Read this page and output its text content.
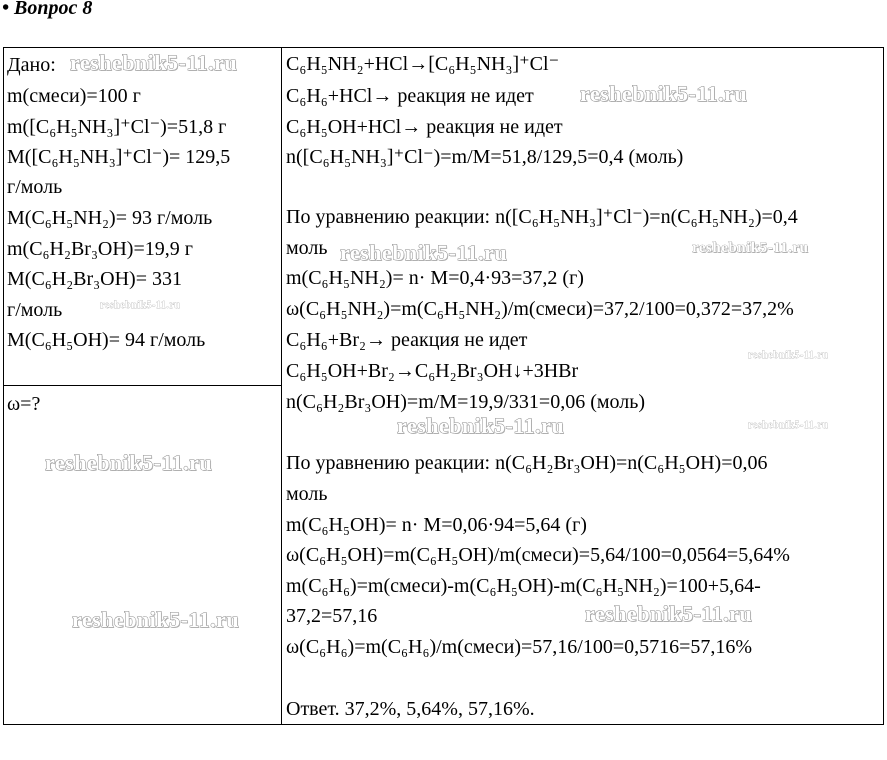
• Вопрос 8
Дано:
m(смеси)=100 г
m([C₆H₅NH₃]⁺Cl⁻)=51,8 г
M([C₆H₅NH₃]⁺Cl⁻)= 129,5
г/моль
M(C₆H₅NH₂)= 93 г/моль
m(C₆H₂Br₃OH)=19,9 г
M(C₆H₂Br₃OH)= 331
г/моль
M(C₆H₅OH)= 94 г/моль
ω=?
C₆H₅NH₂+HCl→[C₆H₅NH₃]⁺Cl⁻
C₆H₆+HCl→ реакция не идет
C₆H₅OH+HCl→ реакция не идет
n([C₆H₅NH₃]⁺Cl⁻)=m/M=51,8/129,5=0,4 (моль)
По уравнению реакции: n([C₆H₅NH₃]⁺Cl⁻)=n(C₆H₅NH₂)=0,4
моль
m(C₆H₅NH₂)= n· M=0,4·93=37,2 (г)
ω(C₆H₅NH₂)=m(C₆H₅NH₂)/m(смеси)=37,2/100=0,372=37,2%
C₆H₆+Br₂→ реакция не идет
C₆H₅OH+Br₂→C₆H₂Br₃OH↓+3HBr
n(C₆H₂Br₃OH)=m/M=19,9/331=0,06 (моль)
По уравнению реакции: n(C₆H₂Br₃OH)=n(C₆H₅OH)=0,06
моль
m(C₆H₅OH)= n· M=0,06·94=5,64 (г)
ω(C₆H₅OH)=m(C₆H₅OH)/m(смеси)=5,64/100=0,0564=5,64%
m(C₆H₆)=m(смеси)-m(C₆H₅OH)-m(C₆H₅NH₂)=100+5,64-
37,2=57,16
ω(C₆H₆)=m(C₆H₆)/m(смеси)=57,16/100=0,5716=57,16%
Ответ. 37,2%, 5,64%, 57,16%.
reshebnik5-11.ru
reshebnik5-11.ru
reshebnik5-11.ru
reshebnik5-11.ru
reshebnik5-11.ru
reshebnik5-11.ru	reshebnik5-11.ru
reshebnik5-11.ru
reshebnik5-11.ru	reshebnik5-11.ru
reshebnik5-11.ru
